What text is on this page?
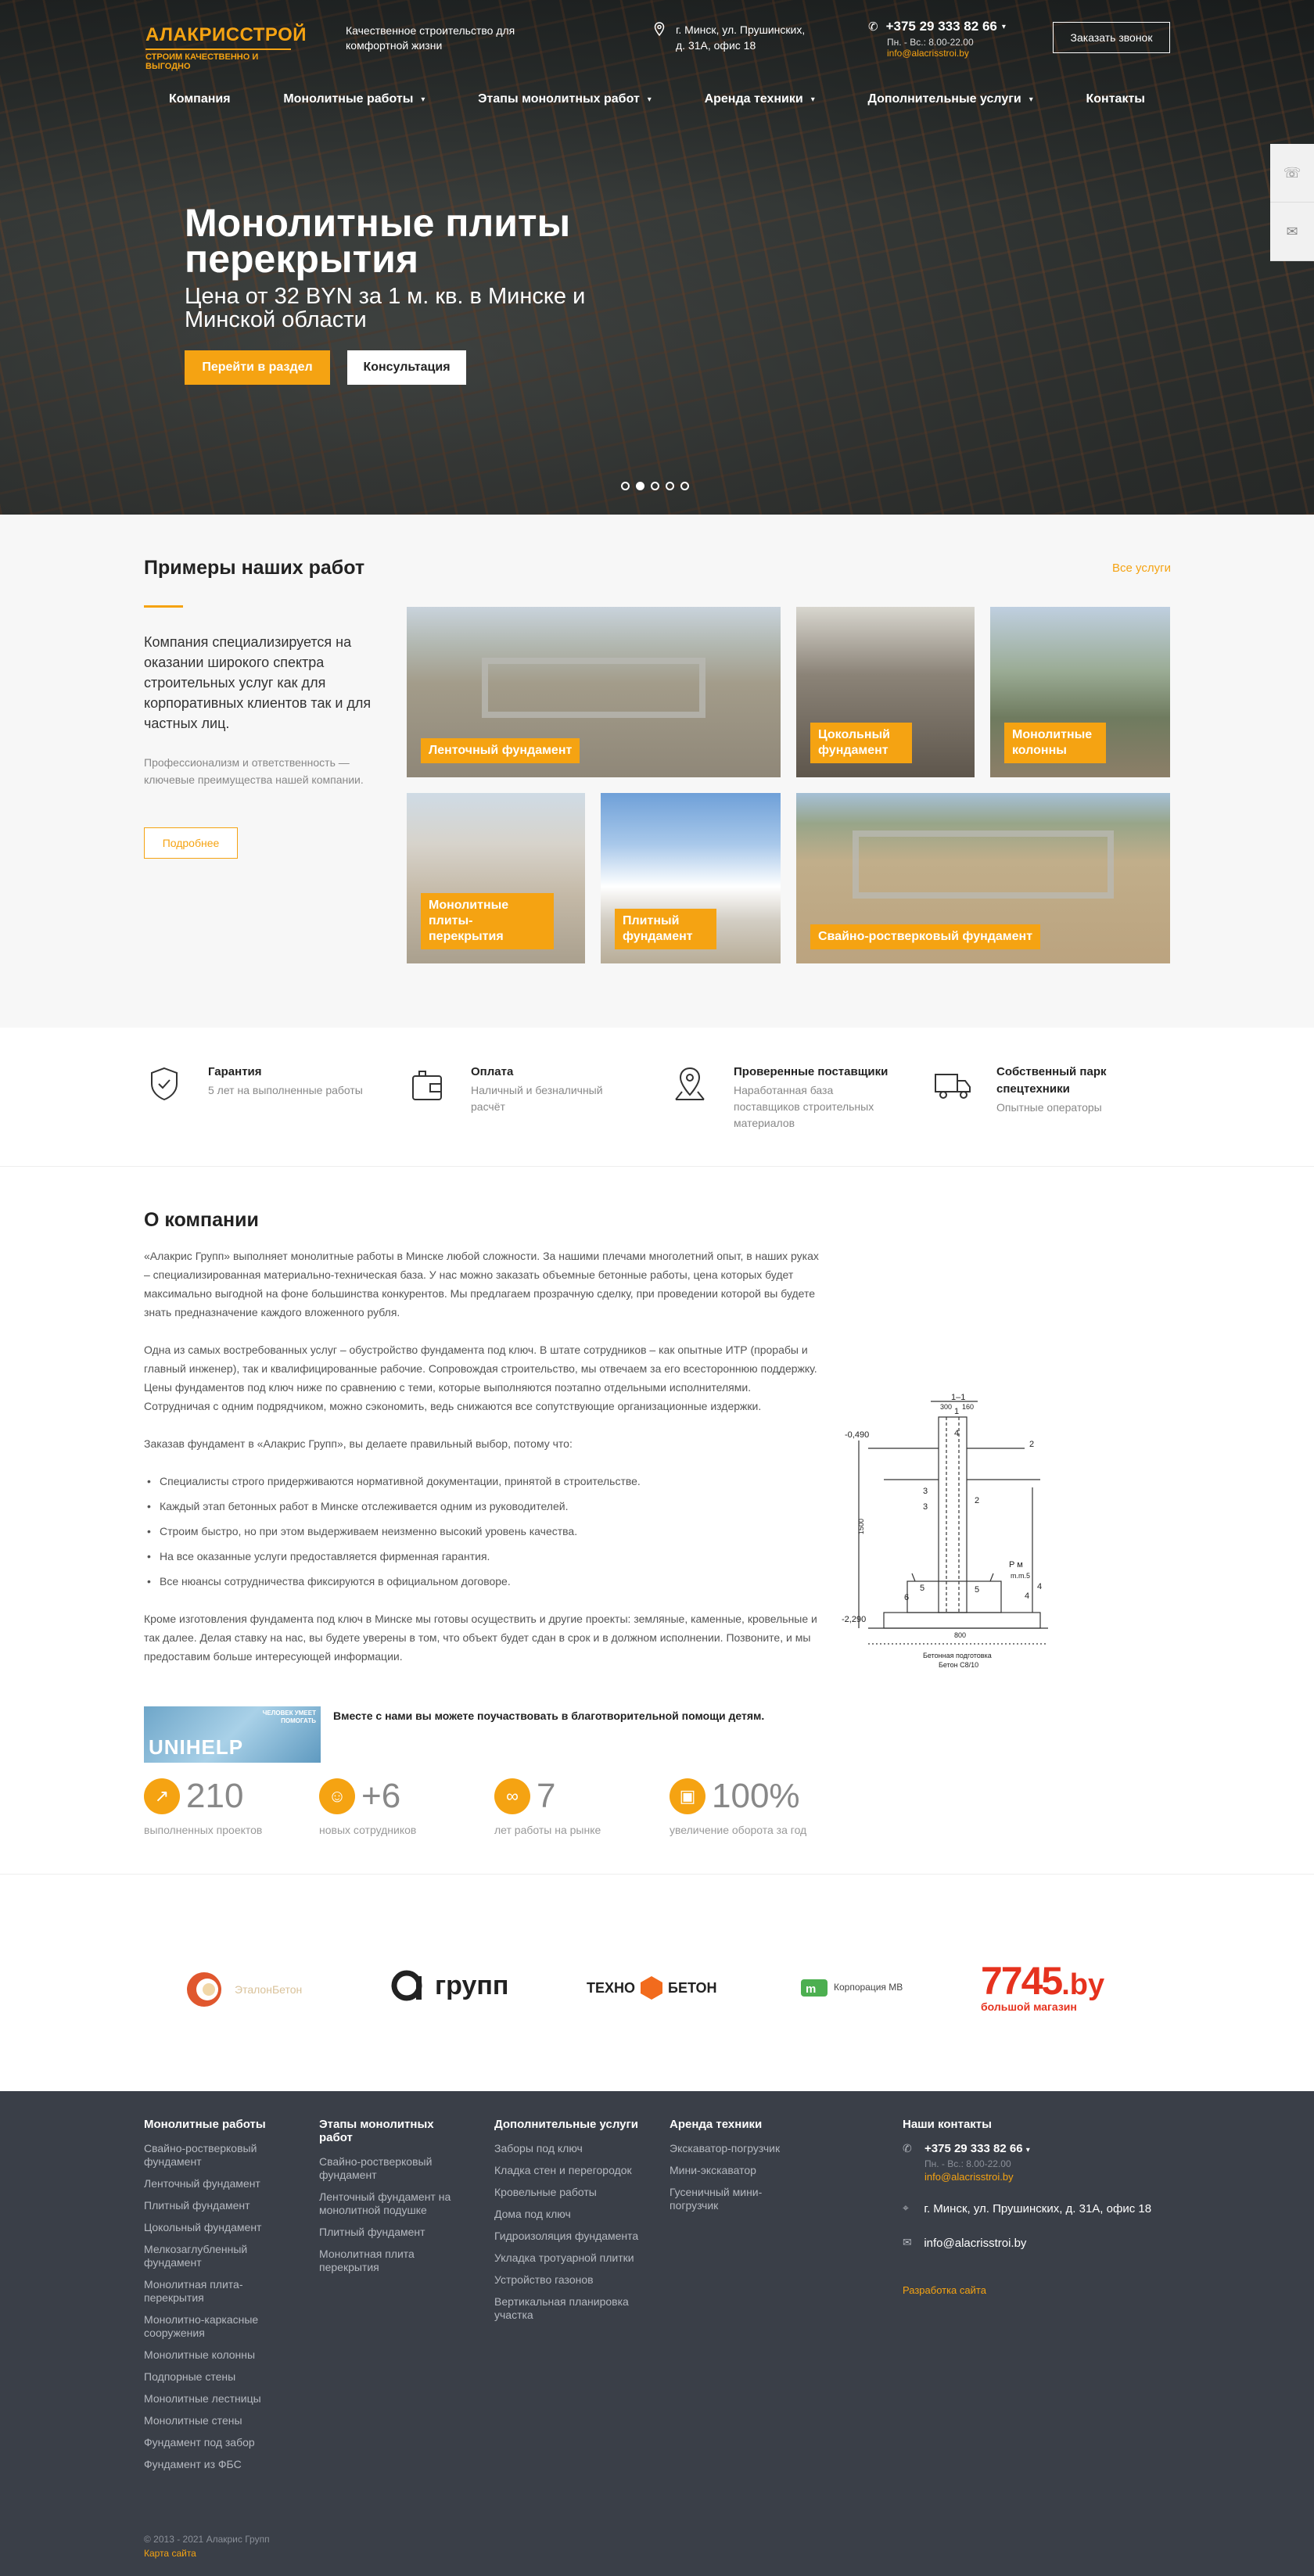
АЛАКРИССТРОЙ
СТРОИМ КАЧЕСТВЕННО И ВЫГОДНО
Качественное строительство для комфортной жизни
г. Минск, ул. Прушинских,
д. 31А, офис 18
✆ +375 29 333 82 66 ▾
Пн. - Вс.: 8.00-22.00
info@alacrisstroi.by
Заказать звонок
Компания	Монолитные работы ▾	Этапы монолитных работ ▾	Аренда техники ▾	Дополнительные услуги ▾	Контакты
☏
✉
Монолитные плиты перекрытия
Цена от 32 BYN за 1 м. кв. в Минске и Минской области
Перейти в раздел	Консультация
Примеры наших работ	Все услуги

Компания специализируется на оказании широкого спектра строительных услуг как для корпоративных клиентов так и для частных лиц.

Профессионализм и ответственность — ключевые преимущества нашей компании.

Подробнее
Ленточный фундамент
Цокольный фундамент
Монолитные колонны
Монолитные плиты-перекрытия
Плитный фундамент	Свайно-ростверковый фундамент
Гарантия
5 лет на выполненные работы
Оплата
Наличный и безналичный расчёт
Проверенные поставщики
Наработанная база поставщиков строительных материалов
Собственный парк спецтехники
Опытные операторы
О компании

«Алакрис Групп» выполняет монолитные работы в Минске любой сложности. За нашими плечами многолетний опыт, в наших руках – специализированная материально-техническая база. У нас можно заказать объемные бетонные работы, цена которых будет максимально выгодной на фоне большинства конкурентов. Мы предлагаем прозрачную сделку, при проведении которой вы будете знать предназначение каждого вложенного рубля.

Одна из самых востребованных услуг – обустройство фундамента под ключ. В штате сотрудников – как опытные ИТР (прорабы и главный инженер), так и квалифицированные рабочие. Сопровождая строительство, мы отвечаем за его всестороннюю поддержку. Цены фундаментов под ключ ниже по сравнению с теми, которые выполняются поэтапно отдельными исполнителями. Сотрудничая с одним подрядчиком, можно сэкономить, ведь снижаются все сопутствующие организационные издержки.

Заказав фундамент в «Алакрис Групп», вы делаете правильный выбор, потому что:

• Специалисты строго придерживаются нормативной документации, принятой в строительстве.
• Каждый этап бетонных работ в Минске отслеживается одним из руководителей.
• Строим быстро, но при этом выдерживаем неизменно высокий уровень качества.
• На все оказанные услуги предоставляется фирменная гарантия.
• Все нюансы сотрудничества фиксируются в официальном договоре.

Кроме изготовления фундамента под ключ в Минске мы готовы осуществить и другие проекты: земляные, каменные, кровельные и так далее. Делая ставку на нас, вы будете уверены в том, что объект будет сдан в срок и в должном исполнении. Позвоните, и мы предоставим больше интересующей информации.

1–1
-0,490
-2,290
1
2
2
3
3
4
4
4
5
6
P м
m.m.5
5
160
300
1500
800
Бетонная подготовка
Бетон C8/10
ЧЕЛОВЕК УМЕЕТ ПОМОГАТЬ
UNIHELP
Вместе с нами вы можете поучаствовать в благотворительной помощи детям.
↗ 210
выполненных проектов
☺ +6
новых сотрудников
∞ 7
лет работы на рынке
▣ 100%
увеличение оборота за год
ЭталонБетон	групп	ТЕХНО БЕТОН	m Корпорация МВ 7745 .by
большой магазин
Монолитные работы
Свайно-ростверковый фундамент
Ленточный фундамент
Плитный фундамент
Цокольный фундамент
Мелкозаглубленный фундамент
Монолитная плита-перекрытия
Монолитно-каркасные сооружения
Монолитные колонны
Подпорные стены
Монолитные лестницы
Монолитные стены
Фундамент под забор
Фундамент из ФБС
Этапы монолитных работ
Свайно-ростверковый фундамент
Ленточный фундамент на монолитной подушке
Плитный фундамент
Монолитная плита перекрытия
Дополнительные услуги
Заборы под ключ
Кладка стен и перегородок
Кровельные работы
Дома под ключ
Гидроизоляция фундамента
Укладка тротуарной плитки
Устройство газонов
Вертикальная планировка участка
Аренда техники
Экскаватор-погрузчик
Мини-экскаватор
Гусеничный мини-погрузчик
Наши контакты
✆	+375 29 333 82 66 ▾
Пн. - Вс.: 8.00-22.00
info@alacrisstroi.by
⌖	г. Минск, ул. Прушинских, д. 31А, офис 18
✉	info@alacrisstroi.by
Разработка сайта
© 2013 - 2021 Алакрис Групп
Карта сайта
